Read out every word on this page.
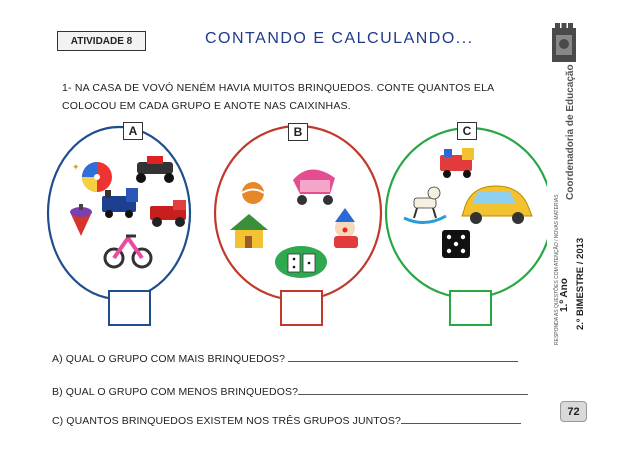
ATIVIDADE 8	CONTANDO E CALCULANDO...
1- NA CASA DE VOVÓ NENÉM HAVIA MUITOS BRINQUEDOS. CONTE QUANTOS ELA
COLOCOU EM CADA GRUPO E ANOTE NAS CAIXINHAS.
✦
A	B	C
A) QUAL O GRUPO COM MAIS BRINQUEDOS?
B) QUAL O GRUPO COM MENOS BRINQUEDOS?
C) QUANTOS BRINQUEDOS EXISTEM NOS TRÊS GRUPOS JUNTOS?
Coordenadoria de Educação
1.º Ano 2.º BIMESTRE / 2013
RESPONDA AS QUESTÕES COM ATENÇÃO / NOVAS MATERIAS
72
